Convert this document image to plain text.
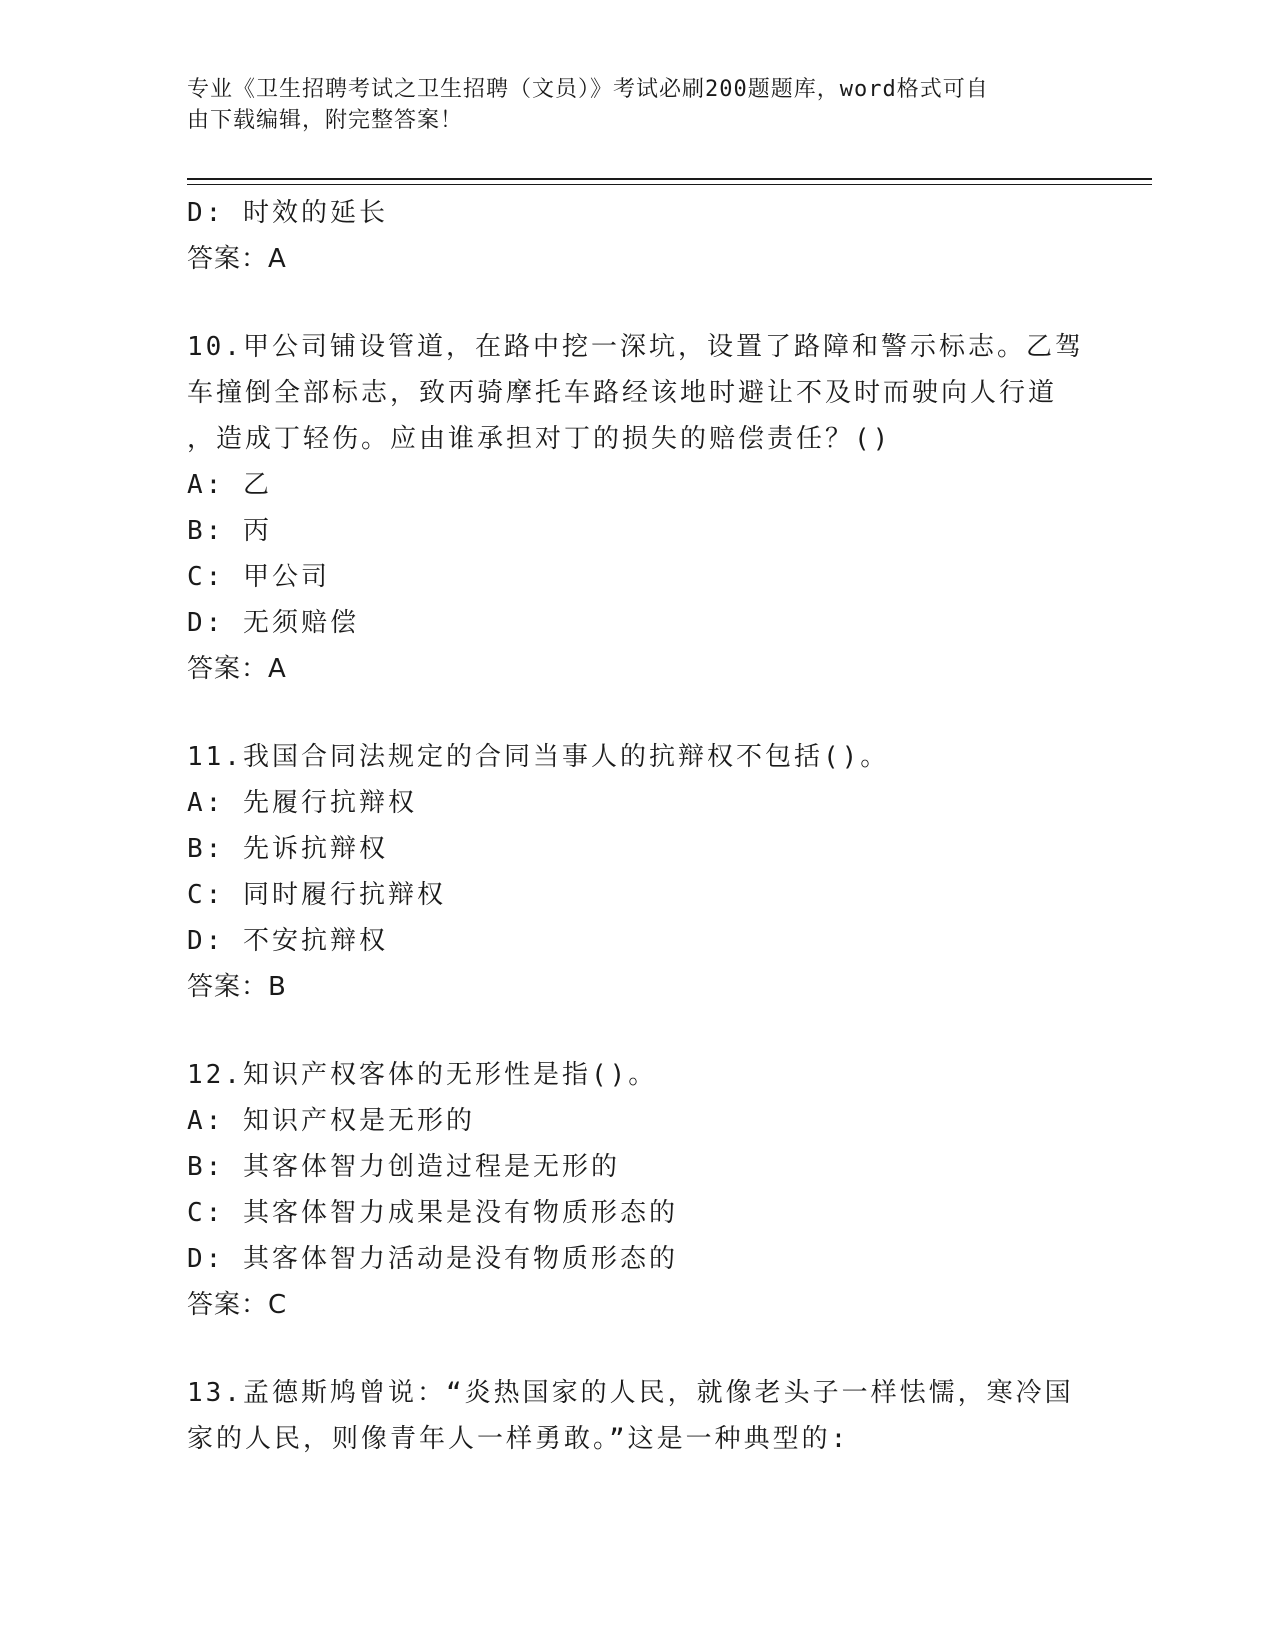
专业《卫生招聘考试之卫生招聘（文员）》考试必刷200题题库，word格式可自
由下载编辑，附完整答案！
D: 时效的延长
答案：A
10.甲公司铺设管道，在路中挖一深坑，设置了路障和警示标志。乙驾
车撞倒全部标志，致丙骑摩托车路经该地时避让不及时而驶向人行道
，造成丁轻伤。应由谁承担对丁的损失的赔偿责任？()
A: 乙
B: 丙
C: 甲公司
D: 无须赔偿
答案：A
11.我国合同法规定的合同当事人的抗辩权不包括()。
A: 先履行抗辩权
B: 先诉抗辩权
C: 同时履行抗辩权
D: 不安抗辩权
答案：B
12.知识产权客体的无形性是指()。
A: 知识产权是无形的
B: 其客体智力创造过程是无形的
C: 其客体智力成果是没有物质形态的
D: 其客体智力活动是没有物质形态的
答案：C
13.孟德斯鸠曾说：“炎热国家的人民，就像老头子一样怯懦，寒冷国
家的人民，则像青年人一样勇敢。”这是一种典型的:
